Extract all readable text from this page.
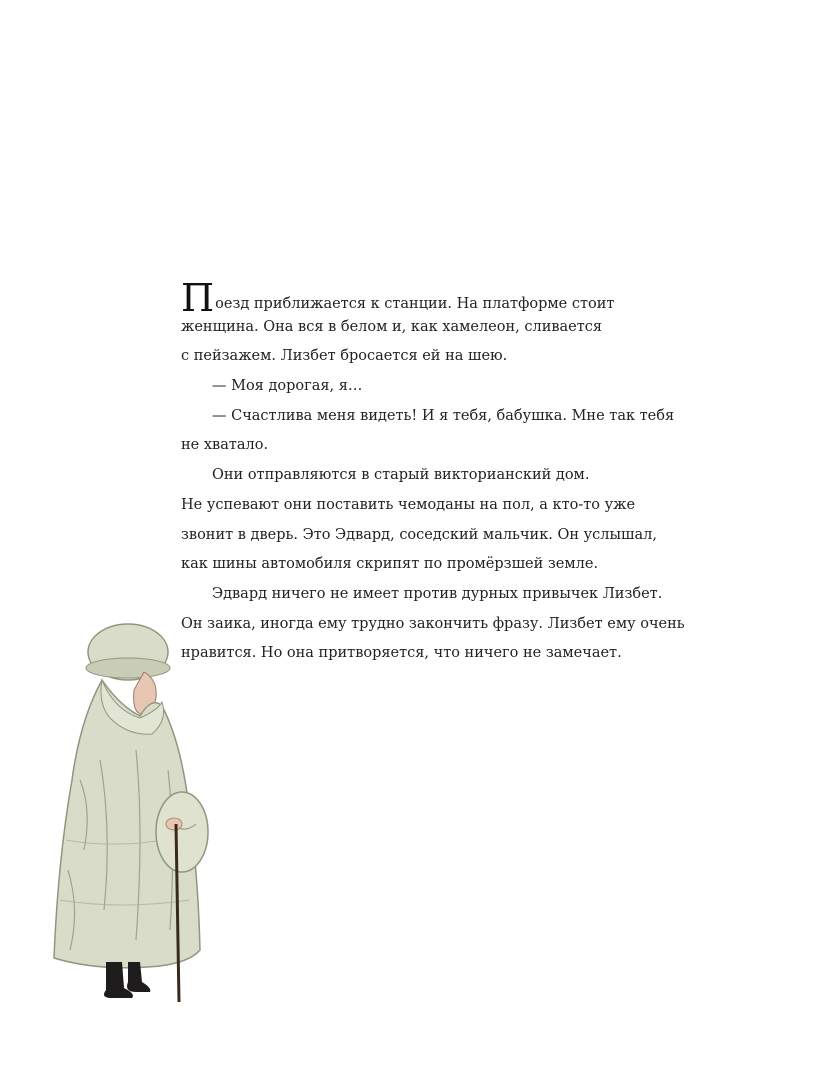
Поезд приближается к станции. На платформе стоит
женщина. Она вся в белом и, как хамелеон, сливается
с пейзажем. Лизбет бросается ей на шею.
— Моя дорогая, я…
— Счастлива меня видеть! И я тебя, бабушка. Мне так тебя
не хватало.
Они отправляются в старый викторианский дом.
Не успевают они поставить чемоданы на пол, а кто-то уже
звонит в дверь. Это Эдвард, соседский мальчик. Он услышал,
как шины автомобиля скрипят по промёрзшей земле.
Эдвард ничего не имеет против дурных привычек Лизбет.
Он заика, иногда ему трудно закончить фразу. Лизбет ему очень
нравится. Но она притворяется, что ничего не замечает.
